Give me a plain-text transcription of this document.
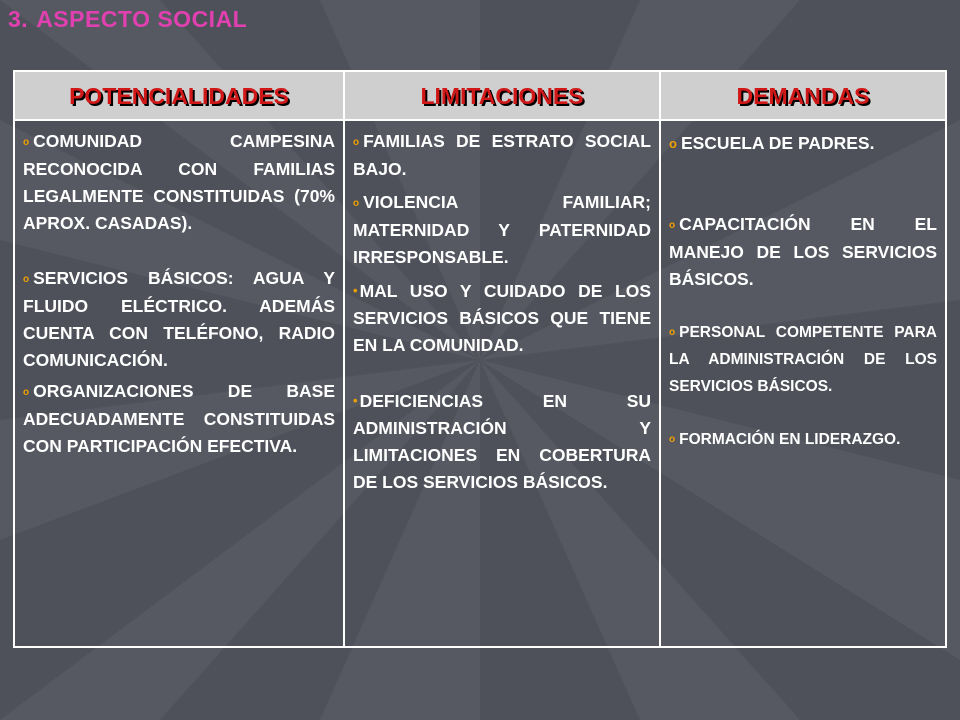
3. ASPECTO SOCIAL
POTENCIALIDADES	LIMITACIONES	DEMANDAS

o COMUNIDAD CAMPESINA RECONOCIDA CON FAMILIAS LEGALMENTE CONSTITUIDAS (70% APROX. CASADAS).

o SERVICIOS BÁSICOS: AGUA Y FLUIDO ELÉCTRICO. ADEMÁS CUENTA CON TELÉFONO, RADIO COMUNICACIÓN.

o ORGANIZACIONES DE BASE ADECUADAMENTE CONSTITUIDAS CON PARTICIPACIÓN EFECTIVA.

o FAMILIAS DE ESTRATO SOCIAL BAJO.

o VIOLENCIA FAMILIAR; MATERNIDAD Y PATERNIDAD IRRESPONSABLE.

• MAL USO Y CUIDADO DE LOS SERVICIOS BÁSICOS QUE TIENE EN LA COMUNIDAD.

• DEFICIENCIAS EN SU ADMINISTRACIÓN Y LIMITACIONES EN COBERTURA DE LOS SERVICIOS BÁSICOS.

o ESCUELA DE PADRES.

o CAPACITACIÓN EN EL MANEJO DE LOS SERVICIOS BÁSICOS.

o PERSONAL COMPETENTE PARA LA ADMINISTRACIÓN DE LOS SERVICIOS BÁSICOS.

o FORMACIÓN EN LIDERAZGO.
